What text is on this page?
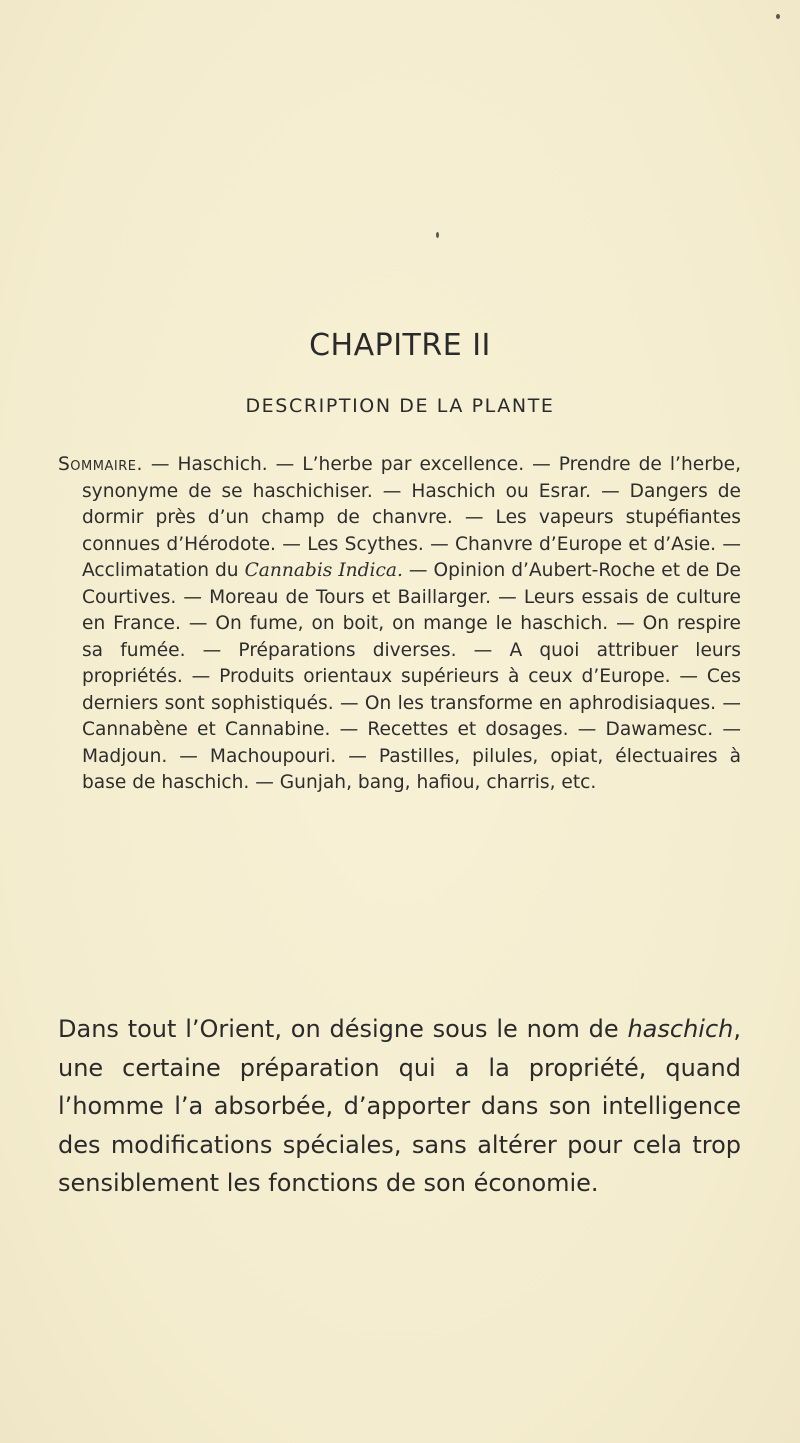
CHAPITRE II
DESCRIPTION DE LA PLANTE
Sommaire. — Haschich. — L’herbe par excellence. — Prendre de l’herbe, synonyme de se haschichiser. — Haschich ou Esrar. — Dangers de dormir près d’un champ de chanvre. — Les vapeurs stupéfiantes connues d’Hérodote. — Les Scythes. — Chanvre d’Europe et d’Asie. — Acclimatation du Cannabis Indica. — Opinion d’Aubert-Roche et de De Courtives. — Moreau de Tours et Baillarger. — Leurs essais de culture en France. — On fume, on boit, on mange le haschich. — On respire sa fumée. — Préparations diverses. — A quoi attribuer leurs propriétés. — Produits orientaux supérieurs à ceux d’Europe. — Ces derniers sont sophistiqués. — On les transforme en aphrodisiaques. — Cannabène et Cannabine. — Recettes et dosages. — Dawamesc. — Madjoun. — Machoupouri. — Pastilles, pilules, opiat, électuaires à base de haschich. — Gunjah, bang, hafiou, charris, etc.

Dans tout l’Orient, on désigne sous le nom de haschich, une certaine préparation qui a la propriété, quand l’homme l’a absorbée, d’apporter dans son intelligence des modifications spéciales, sans altérer pour cela trop sensiblement les fonctions de son économie.
